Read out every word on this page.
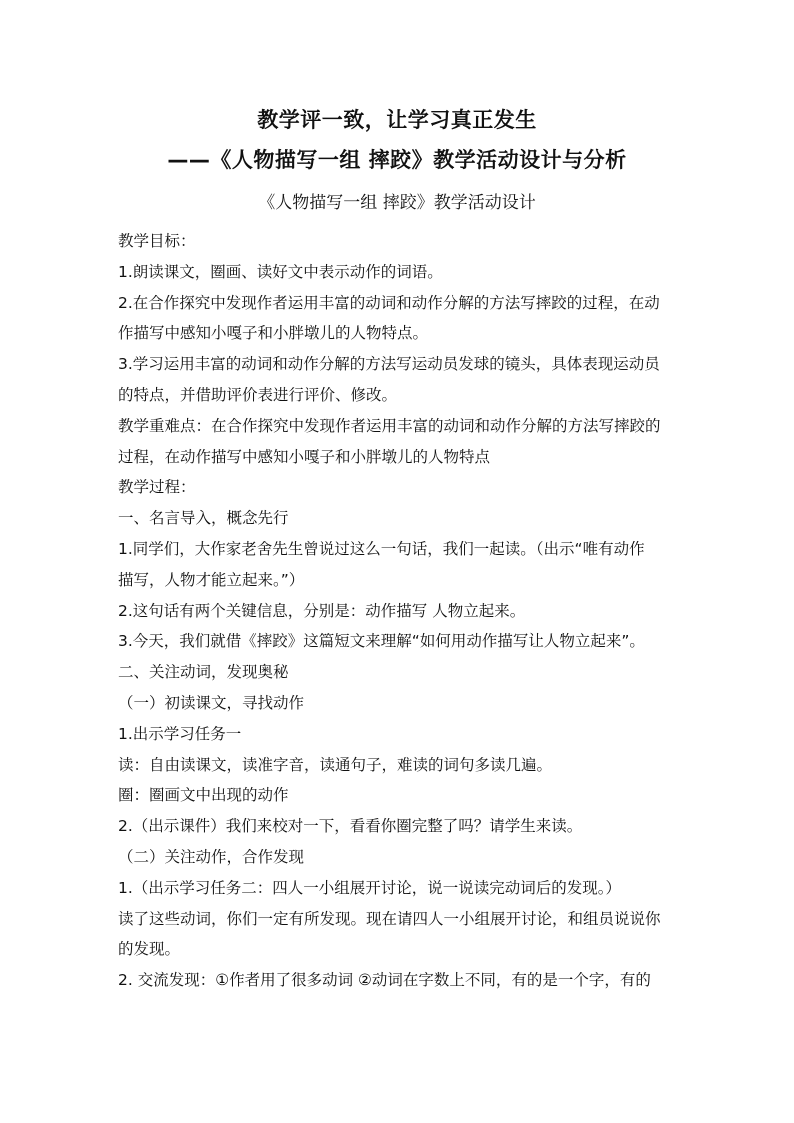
教学评一致，让学习真正发生
——《人物描写一组 摔跤》教学活动设计与分析
《人物描写一组 摔跤》教学活动设计
教学目标：
1.朗读课文，圈画、读好文中表示动作的词语。
2.在合作探究中发现作者运用丰富的动词和动作分解的方法写摔跤的过程，在动
作描写中感知小嘎子和小胖墩儿的人物特点。
3.学习运用丰富的动词和动作分解的方法写运动员发球的镜头，具体表现运动员
的特点，并借助评价表进行评价、修改。
教学重难点：在合作探究中发现作者运用丰富的动词和动作分解的方法写摔跤的
过程，在动作描写中感知小嘎子和小胖墩儿的人物特点
教学过程：
一、名言导入，概念先行
1.同学们，大作家老舍先生曾说过这么一句话，我们一起读。（出示“唯有动作
描写，人物才能立起来。”）
2.这句话有两个关键信息，分别是：动作描写 人物立起来。
3.今天，我们就借《摔跤》这篇短文来理解“如何用动作描写让人物立起来”。
二、关注动词，发现奥秘
（一）初读课文，寻找动作
1.出示学习任务一
读：自由读课文，读准字音，读通句子，难读的词句多读几遍。
圈：圈画文中出现的动作
2.（出示课件）我们来校对一下，看看你圈完整了吗？请学生来读。
（二）关注动作，合作发现
1.（出示学习任务二：四人一小组展开讨论，说一说读完动词后的发现。）
读了这些动词，你们一定有所发现。现在请四人一小组展开讨论，和组员说说你
的发现。
2. 交流发现：①作者用了很多动词 ②动词在字数上不同，有的是一个字，有的
